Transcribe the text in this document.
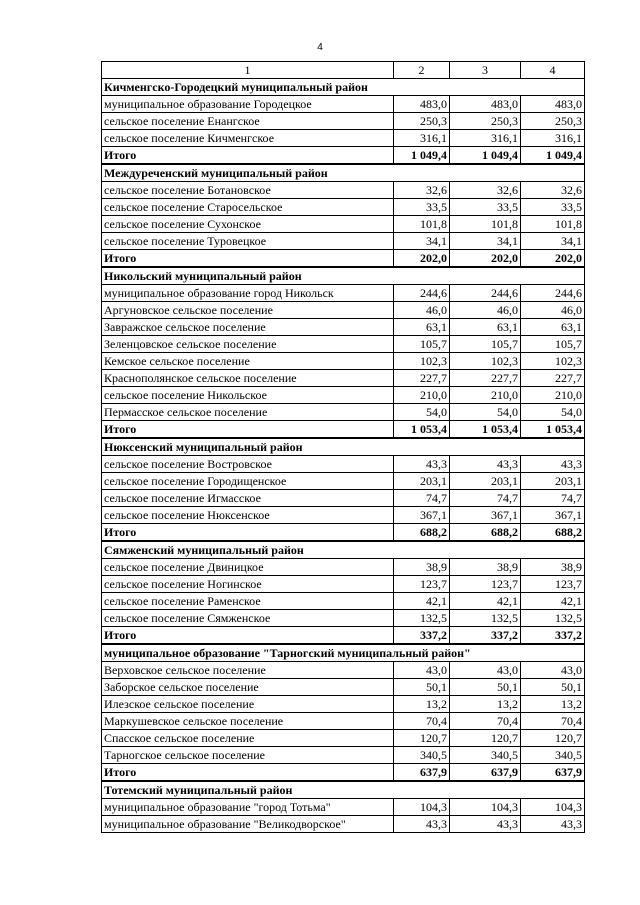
4
1	2	3	4
Кичменгско-Городецкий муниципальный район			
муниципальное образование Городецкое	483,0	483,0	483,0
сельское поселение Енангское	250,3	250,3	250,3
сельское поселение Кичменгское	316,1	316,1	316,1
Итого	1 049,4	1 049,4	1 049,4
Междуреченский муниципальный район			
сельское поселение Ботановское	32,6	32,6	32,6
сельское поселение Старосельское	33,5	33,5	33,5
сельское поселение Сухонское	101,8	101,8	101,8
сельское поселение Туровецкое	34,1	34,1	34,1
Итого	202,0	202,0	202,0
Никольский муниципальный район			
муниципальное образование город Никольск	244,6	244,6	244,6
Аргуновское сельское поселение	46,0	46,0	46,0
Завражское сельское поселение	63,1	63,1	63,1
Зеленцовское сельское поселение	105,7	105,7	105,7
Кемское сельское поселение	102,3	102,3	102,3
Краснополянское сельское поселение	227,7	227,7	227,7
сельское поселение Никольское	210,0	210,0	210,0
Пермасское сельское поселение	54,0	54,0	54,0
Итого	1 053,4	1 053,4	1 053,4
Нюксенский муниципальный район			
сельское поселение Востровское	43,3	43,3	43,3
сельское поселение Городищенское	203,1	203,1	203,1
сельское поселение Игмасское	74,7	74,7	74,7
сельское поселение Нюксенское	367,1	367,1	367,1
Итого	688,2	688,2	688,2
Сямженский муниципальный район			
сельское поселение Двиницкое	38,9	38,9	38,9
сельское поселение Ногинское	123,7	123,7	123,7
сельское поселение Раменское	42,1	42,1	42,1
сельское поселение Сямженское	132,5	132,5	132,5
Итого	337,2	337,2	337,2
муниципальное образование "Тарногский муниципальный район"			
Верховское сельское поселение	43,0	43,0	43,0
Заборское сельское поселение	50,1	50,1	50,1
Илезское сельское поселение	13,2	13,2	13,2
Маркушевское сельское поселение	70,4	70,4	70,4
Спасское сельское поселение	120,7	120,7	120,7
Тарногское сельское поселение	340,5	340,5	340,5
Итого	637,9	637,9	637,9
Тотемский муниципальный район			
муниципальное образование "город Тотьма"	104,3	104,3	104,3
муниципальное образование "Великодворское"	43,3	43,3	43,3
